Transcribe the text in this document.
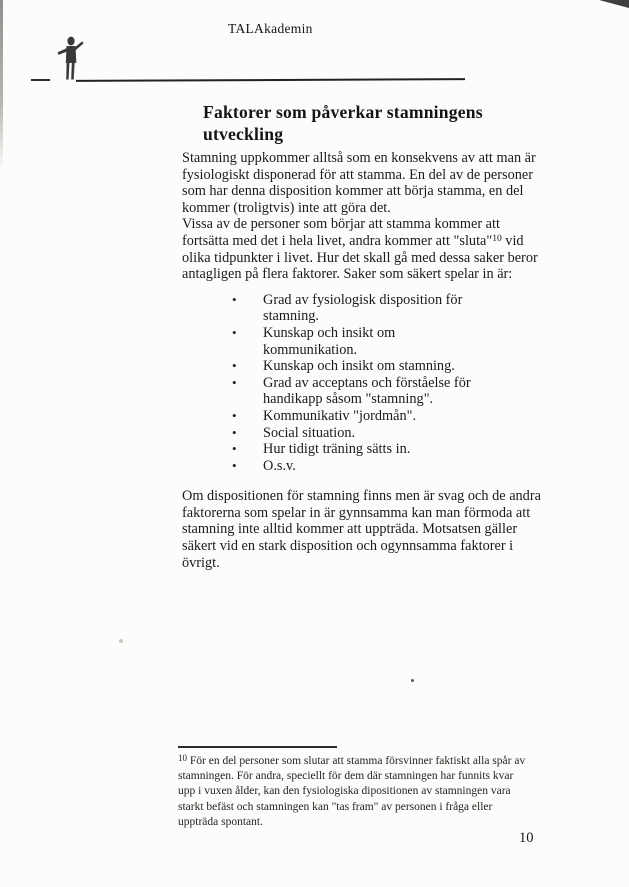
TALAkademin
Faktorer som påverkar stamningens utveckling

Stamning uppkommer alltså som en konsekvens av att man är fysiologiskt disponerad för att stamma. En del av de personer som har denna disposition kommer att börja stamma, en del kommer (troligtvis) inte att göra det.

Vissa av de personer som börjar att stamma kommer att fortsätta med det i hela livet, andra kommer att "sluta"$^{10}$ vid olika tidpunkter i livet. Hur det skall gå med dessa saker beror antagligen på flera faktorer. Saker som säkert spelar in är:

•	Grad av fysiologisk disposition för stamning.
•	Kunskap och insikt om kommunikation.
•	Kunskap och insikt om stamning.
•	Grad av acceptans och förståelse för handikapp såsom "stamning".
•	Kommunikativ "jordmån".
•	Social situation.
•	Hur tidigt träning sätts in.
•	O.s.v.

Om dispositionen för stamning finns men är svag och de andra faktorerna som spelar in är gynnsamma kan man förmoda att stamning inte alltid kommer att uppträda. Motsatsen gäller säkert vid en stark disposition och ogynnsamma faktorer i övrigt.

$^{10}$ För en del personer som slutar att stamma försvinner faktiskt alla spår av stamningen. För andra, speciellt för dem där stamningen har funnits kvar upp i vuxen ålder, kan den fysiologiska dipositionen av stamningen vara starkt befäst och stamningen kan "tas fram" av personen i fråga eller uppträda spontant.
10
